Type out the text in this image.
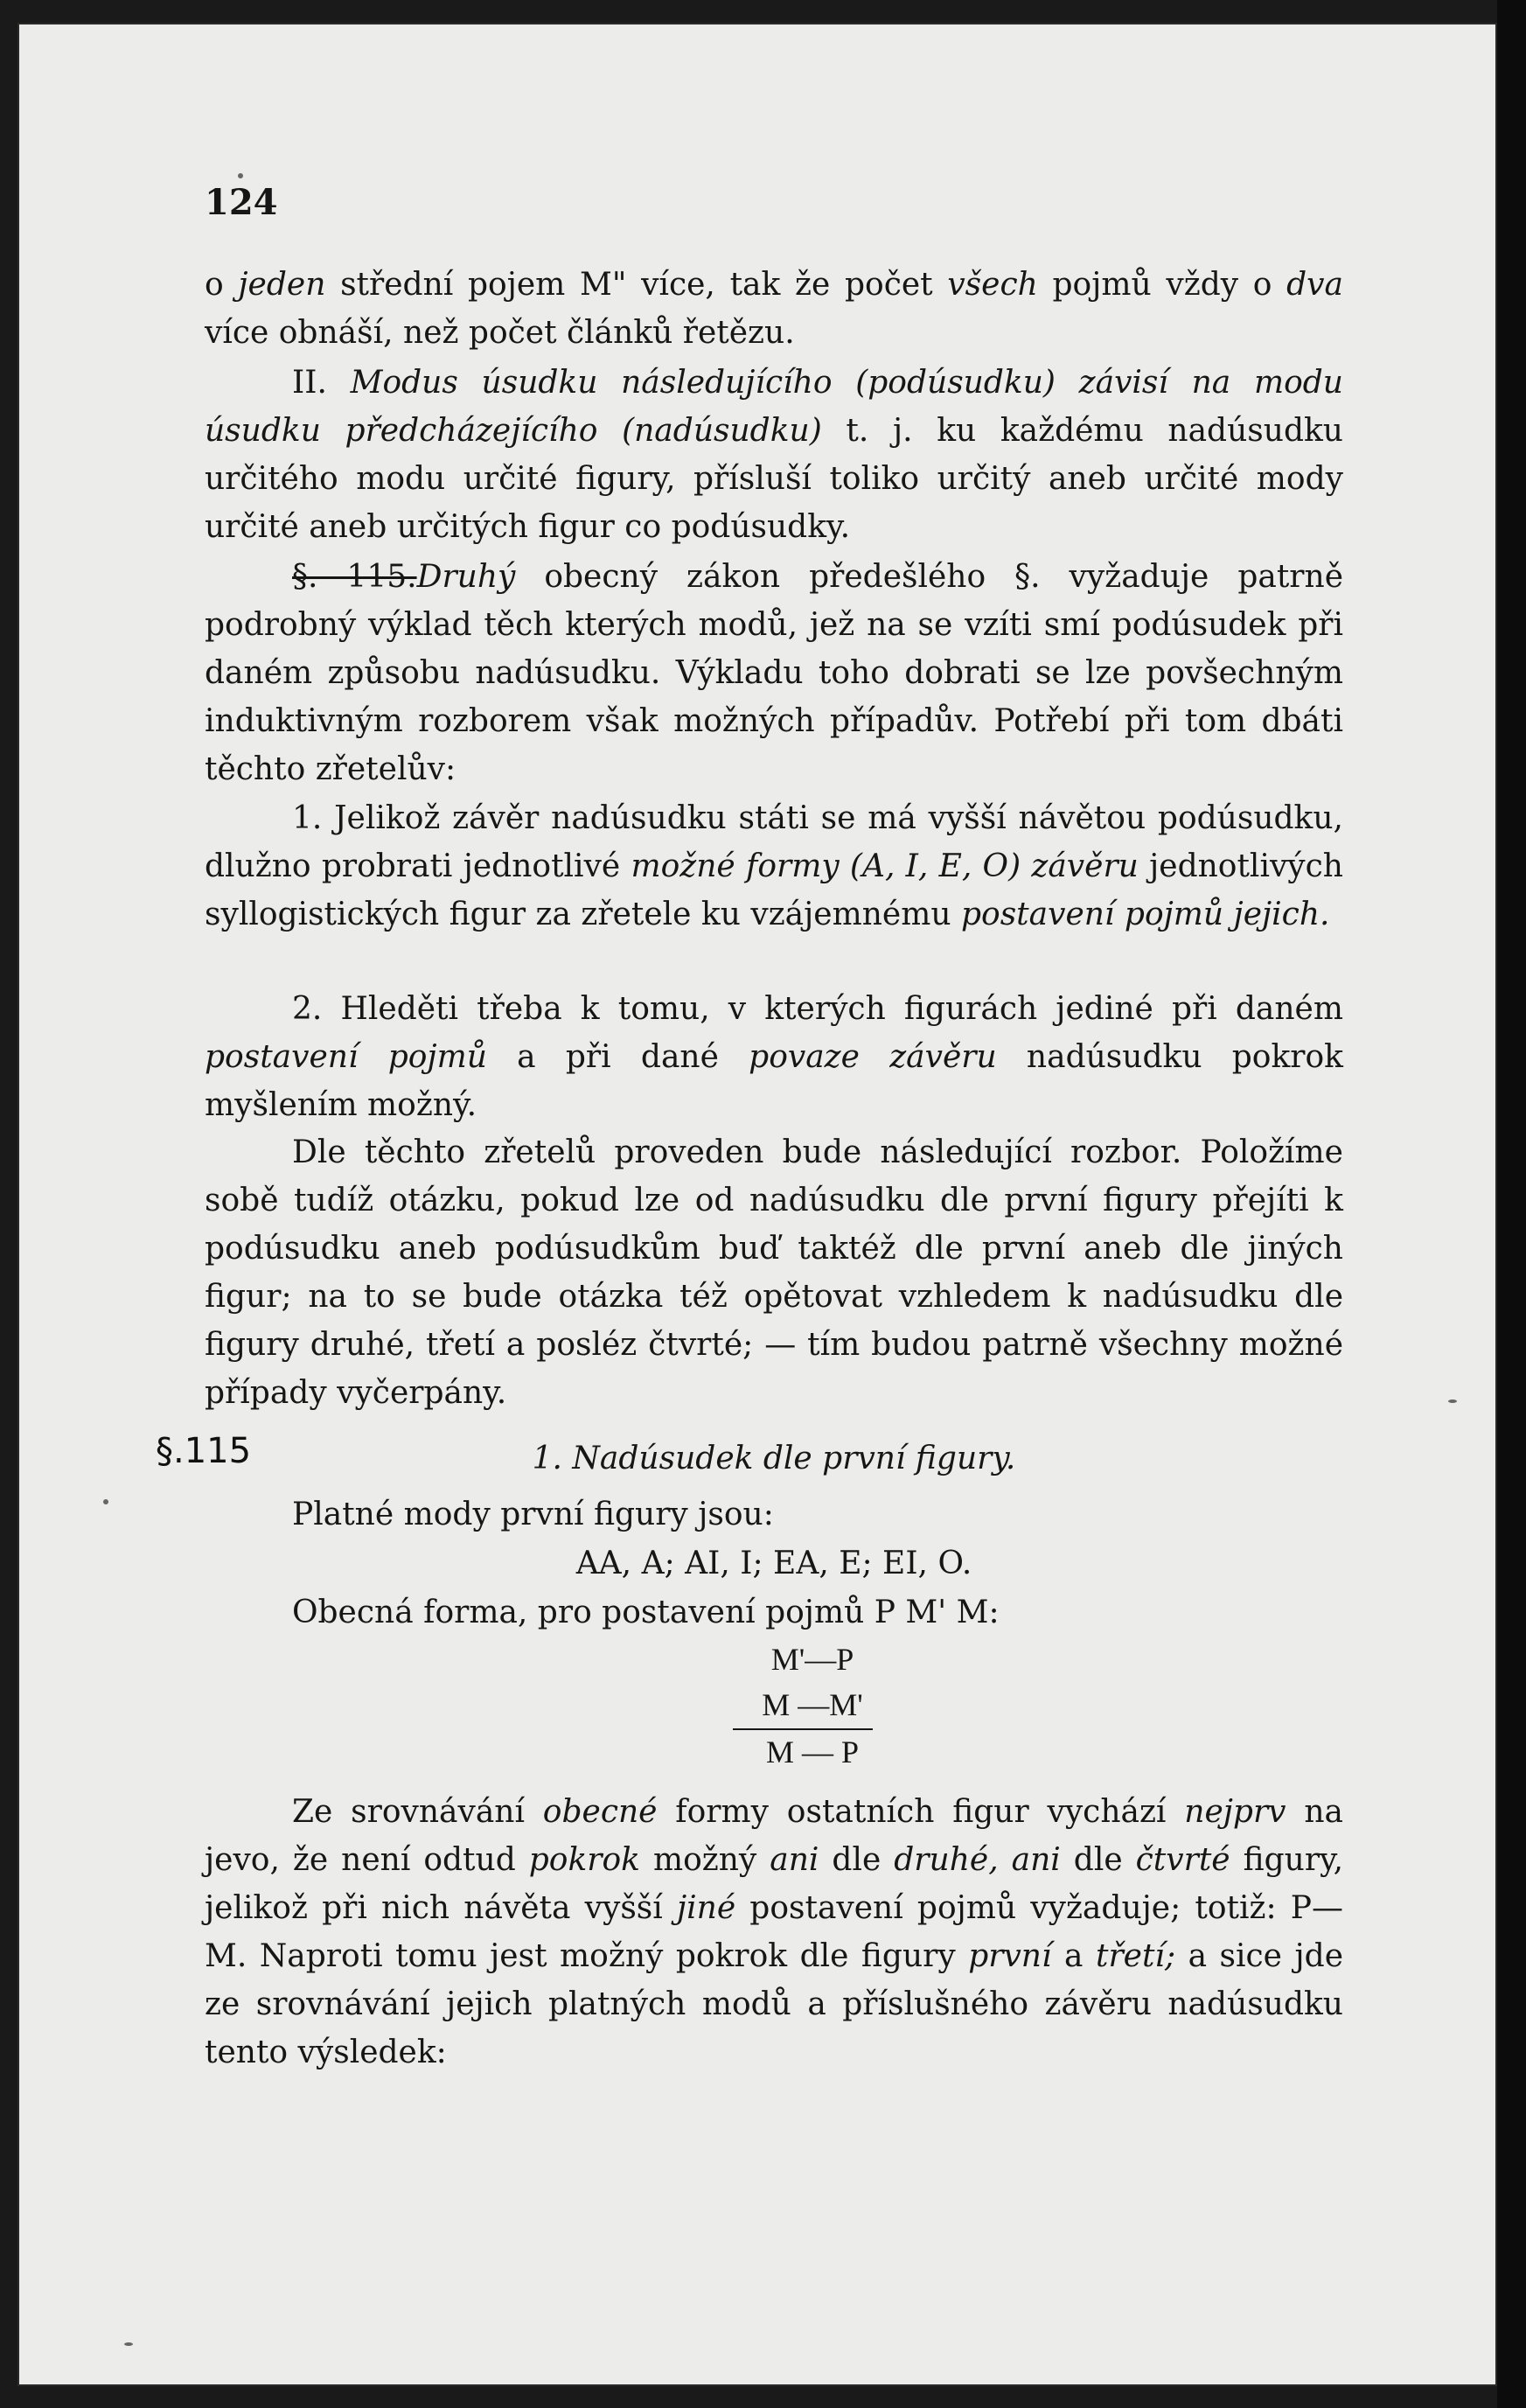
124

o jeden střední pojem M" více, tak že počet všech pojmů vždy o dva více obnáší, než počet článků řetězu.

II. Modus úsudku následujícího (podúsudku) závisí na modu úsudku předcházejícího (nadúsudku) t. j. ku každému nadúsudku určitého modu určité figury, přísluší toliko určitý aneb určité mody určité aneb určitých figur co podúsudky.

§. 115.Druhý obecný zákon předešlého §. vyžaduje patrně podrobný výklad těch kterých modů, jež na se vzíti smí podúsudek při daném způsobu nadúsudku. Výkladu toho dobrati se lze povšechným induktivným rozborem však možných případův. Potřebí při tom dbáti těchto zřetelův:

1. Jelikož závěr nadúsudku státi se má vyšší návětou podúsudku, dlužno probrati jednotlivé možné formy (A, I, E, O) závěru jednotlivých syllogistických figur za zřetele ku vzájemnému postavení pojmů jejich.

2. Hleděti třeba k tomu, v kterých figurách jediné při daném postavení pojmů a při dané povaze závěru nadúsudku pokrok myšlením možný.

Dle těchto zřetelů proveden bude následující rozbor. Položíme sobě tudíž otázku, pokud lze od nadúsudku dle první figury přejíti k podúsudku aneb podúsudkům buď taktéž dle první aneb dle jiných figur; na to se bude otázka též opětovat vzhledem k nadúsudku dle figury druhé, třetí a posléz čtvrté; — tím budou patrně všechny možné případy vyčerpány.

§.115	1. Nadúsudek dle první figury.

Platné mody první figury jsou:

AA, A; AI, I; EA, E; EI, O.

Obecná forma, pro postavení pojmů P M' M:

M'—P
M —M'
M — P

Ze srovnávání obecné formy ostatních figur vychází nejprv na jevo, že není odtud pokrok možný ani dle druhé, ani dle čtvrté figury, jelikož při nich návěta vyšší jiné postavení pojmů vyžaduje; totiž: P—M. Naproti tomu jest možný pokrok dle figury první a třetí; a sice jde ze srovnávání jejich platných modů a příslušného závěru nadúsudku tento výsledek:
